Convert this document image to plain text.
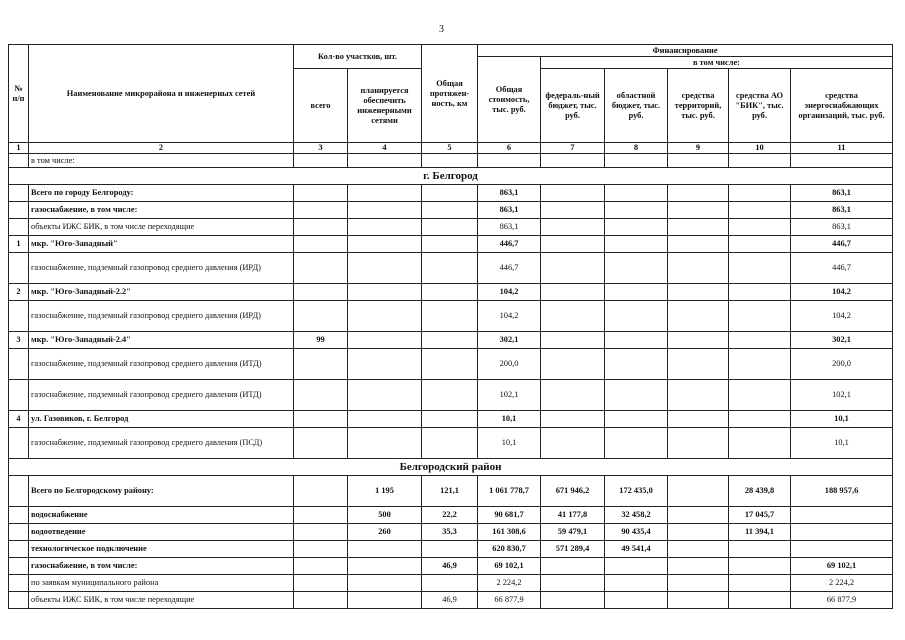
3
№ п/п	Наименование микрорайона и инженерных сетей	Кол-во участков, шт.		Общая протяжен-ность, км	Финансирование					
					Общая стоимость, тыс. руб.	в том числе:				
		всего	планируется обеспечить инженерными сетями			федераль-ный бюджет, тыс. руб.	областной бюджет, тыс. руб.	средства территорий, тыс. руб.	средства АО "БИК", тыс. руб.	средства энергоснабжающих организаций, тыс. руб.
1	2	3	4	5	6	7	8	9	10	11
	в том числе:									
г. Белгород										
	Всего по городу Белгороду:				863,1					863,1
	газоснабжение, в том числе:				863,1					863,1
	объекты ИЖС БИК, в том числе переходящие				863,1					863,1
1	мкр. "Юго-Западный"				446,7					446,7
	газоснабжение, подземный газопровод среднего давления (ИРД)				446,7					446,7
2	мкр. "Юго-Западный-2.2"				104,2					104,2
	газоснабжение, подземный газопровод среднего давления (ИРД)				104,2					104,2
3	мкр. "Юго-Западный-2.4"	99			302,1					302,1
	газоснабжение, подземный газопровод среднего давления (ИТД)				200,0					200,0
	газоснабжение, подземный газопровод среднего давления (ИТД)				102,1					102,1
4	ул. Газовиков, г. Белгород				10,1					10,1
	газоснабжение, подземный газопровод среднего давления (ПСД)				10,1					10,1
Белгородский район										
	Всего по Белгородскому району:		1 195	121,1	1 061 778,7	671 946,2	172 435,0		28 439,8	188 957,6
	водоснабжение		500	22,2	90 681,7	41 177,8	32 458,2		17 045,7	
	водоотведение		260	35,3	161 308,6	59 479,1	90 435,4		11 394,1	
	технологическое подключение				620 830,7	571 289,4	49 541,4			
	газоснабжение, в том числе:			46,9	69 102,1					69 102,1
	по заявкам муниципального района				2 224,2					2 224,2
	объекты ИЖС БИК, в том числе переходящие			46,9	66 877,9					66 877,9
